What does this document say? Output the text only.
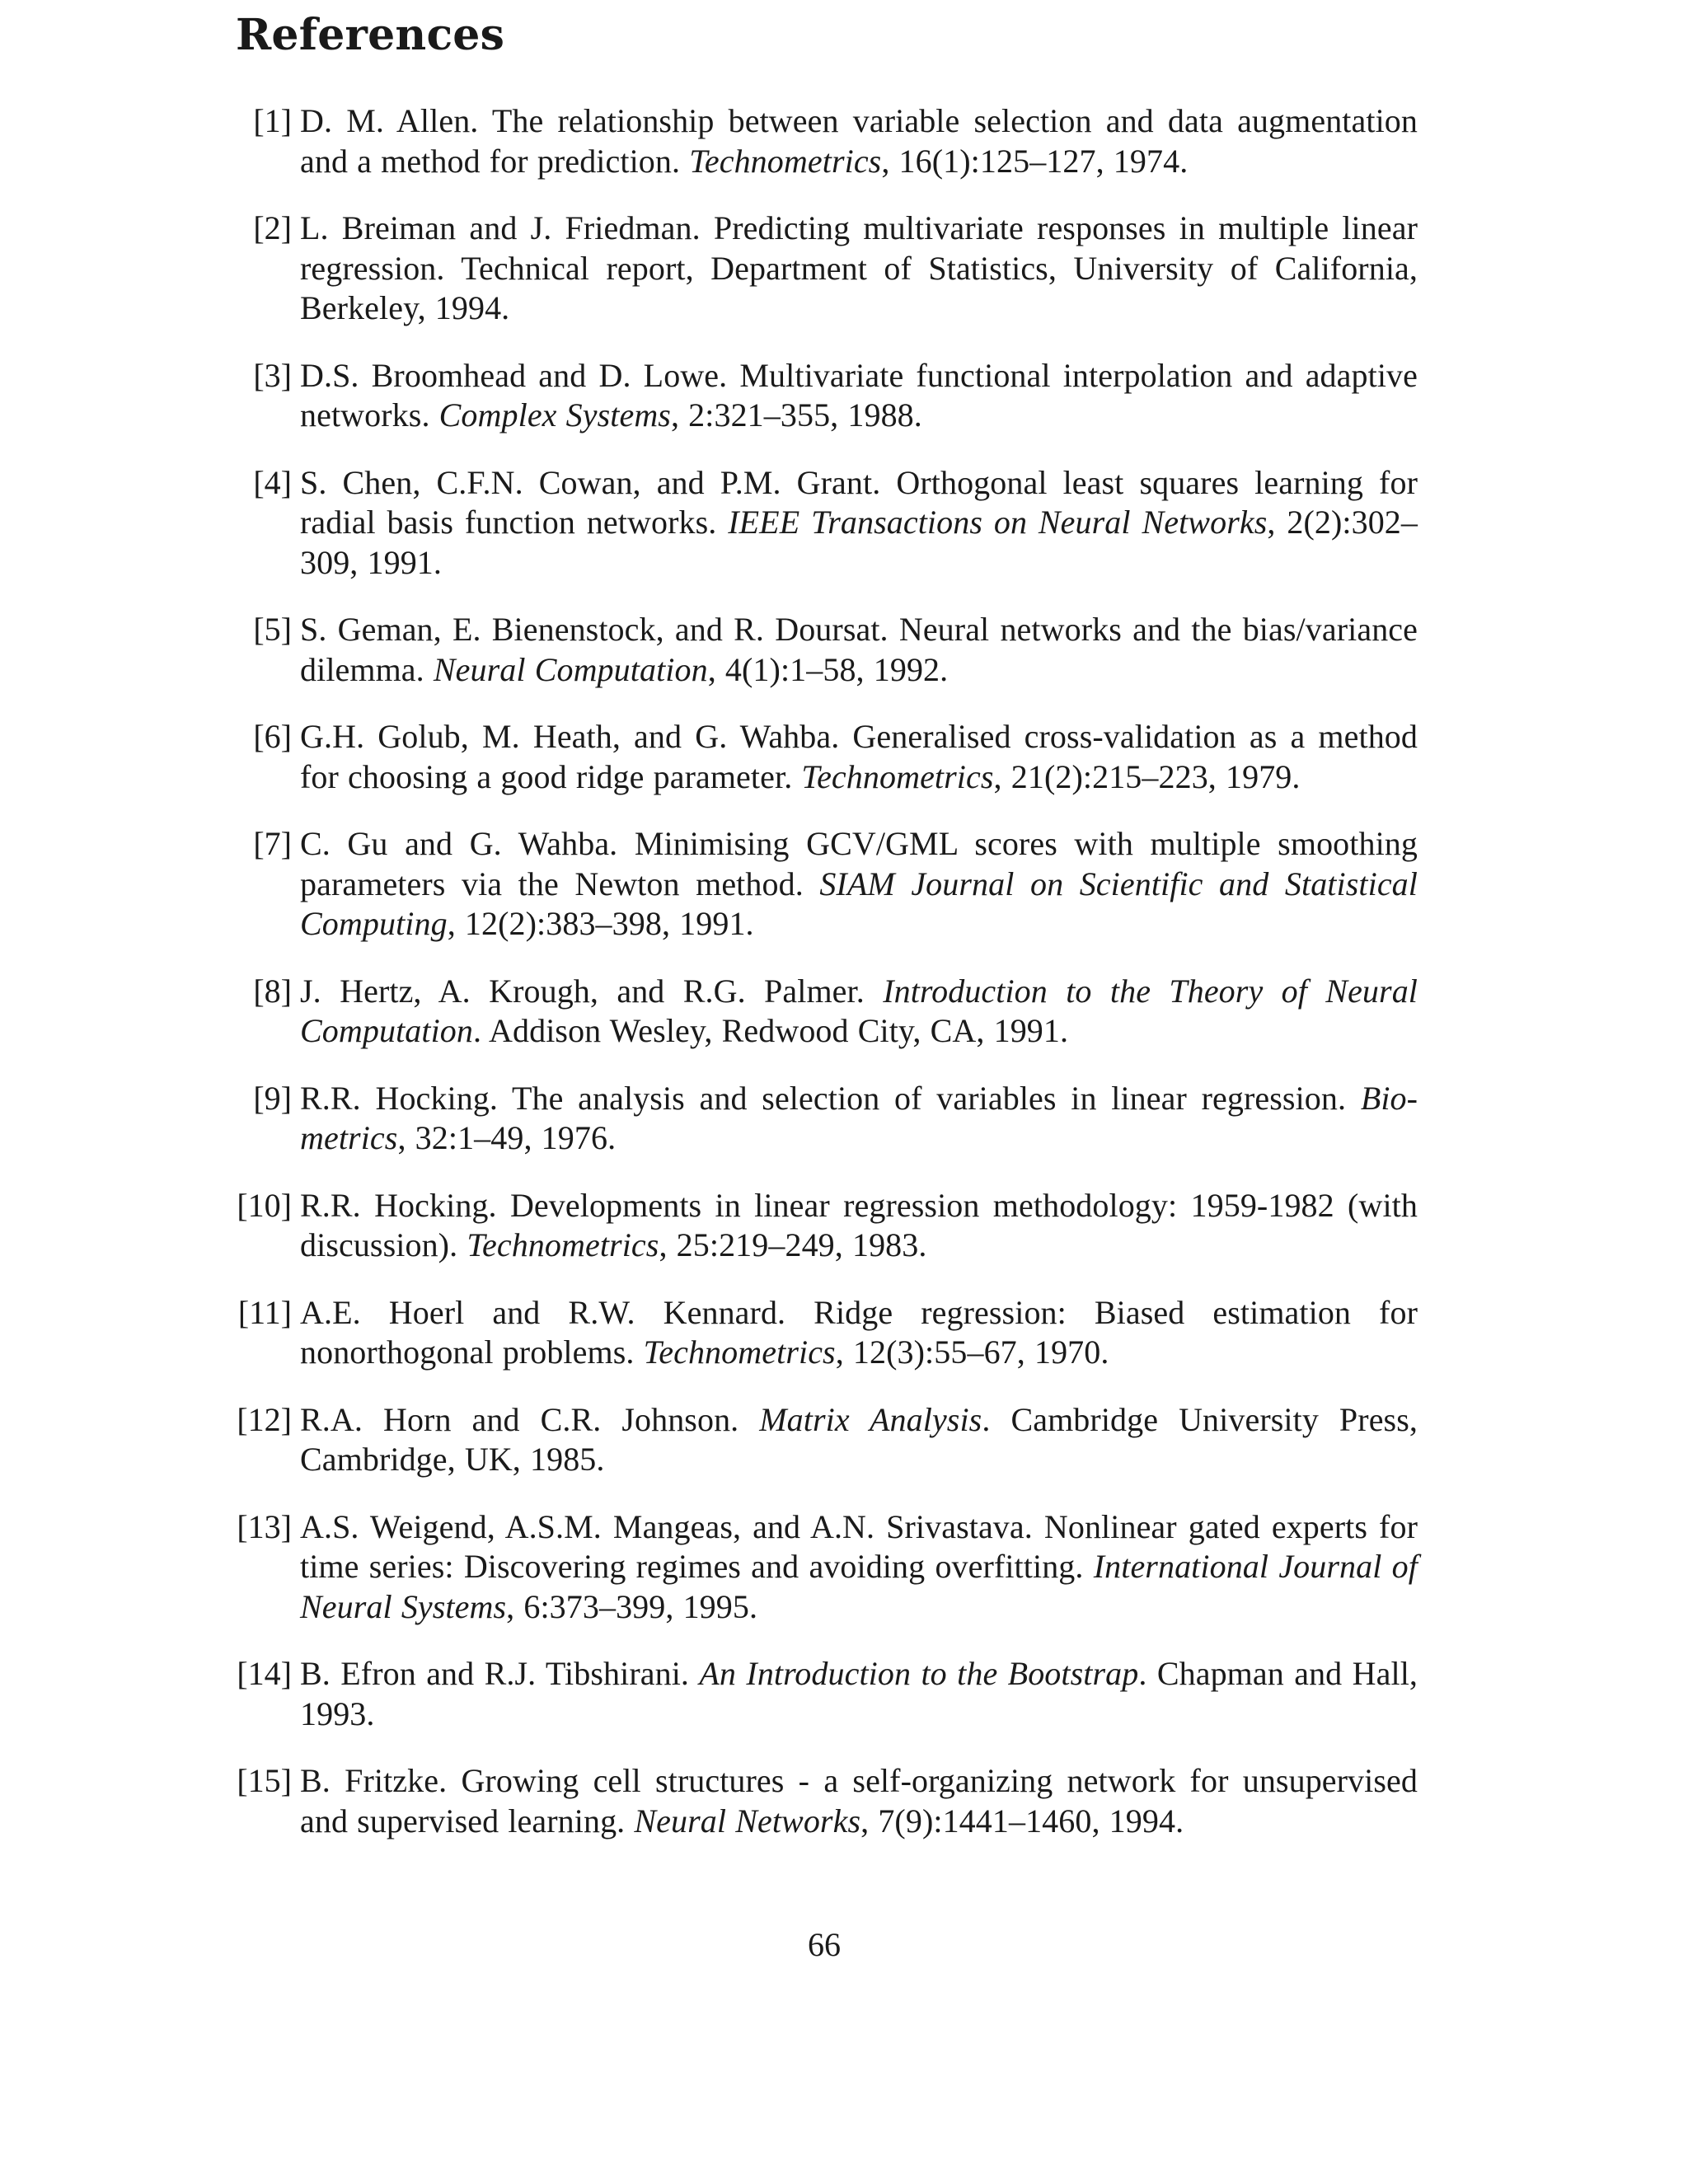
References
[1] D. M. Allen. The relationship between variable selection and data augmentation and a method for prediction. Technometrics, 16(1):125–127, 1974.
[2] L. Breiman and J. Friedman. Predicting multivariate responses in multiple linear regression. Technical report, Department of Statistics, University of California, Berkeley, 1994.
[3] D.S. Broomhead and D. Lowe. Multivariate functional interpolation and adaptive networks. Complex Systems, 2:321–355, 1988.
[4] S. Chen, C.F.N. Cowan, and P.M. Grant. Orthogonal least squares learning for radial basis function networks. IEEE Transactions on Neural Networks, 2(2):302–309, 1991.
[5] S. Geman, E. Bienenstock, and R. Doursat. Neural networks and the bias/variance dilemma. Neural Computation, 4(1):1–58, 1992.
[6] G.H. Golub, M. Heath, and G. Wahba. Generalised cross-validation as a method for choosing a good ridge parameter. Technometrics, 21(2):215–223, 1979.
[7] C. Gu and G. Wahba. Minimising GCV/GML scores with multiple smoothing parameters via the Newton method. SIAM Journal on Scientific and Statistical Computing, 12(2):383–398, 1991.
[8] J. Hertz, A. Krough, and R.G. Palmer. Introduction to the Theory of Neural Computation. Addison Wesley, Redwood City, CA, 1991.
[9] R.R. Hocking. The analysis and selection of variables in linear regression. Biometrics, 32:1–49, 1976.
[10] R.R. Hocking. Developments in linear regression methodology: 1959-1982 (with discussion). Technometrics, 25:219–249, 1983.
[11] A.E. Hoerl and R.W. Kennard. Ridge regression: Biased estimation for nonorthogonal problems. Technometrics, 12(3):55–67, 1970.
[12] R.A. Horn and C.R. Johnson. Matrix Analysis. Cambridge University Press, Cambridge, UK, 1985.
[13] A.S. Weigend, A.S.M. Mangeas, and A.N. Srivastava. Nonlinear gated experts for time series: Discovering regimes and avoiding overfitting. International Journal of Neural Systems, 6:373–399, 1995.
[14] B. Efron and R.J. Tibshirani. An Introduction to the Bootstrap. Chapman and Hall, 1993.
[15] B. Fritzke. Growing cell structures - a self-organizing network for unsupervised and supervised learning. Neural Networks, 7(9):1441–1460, 1994.
66
